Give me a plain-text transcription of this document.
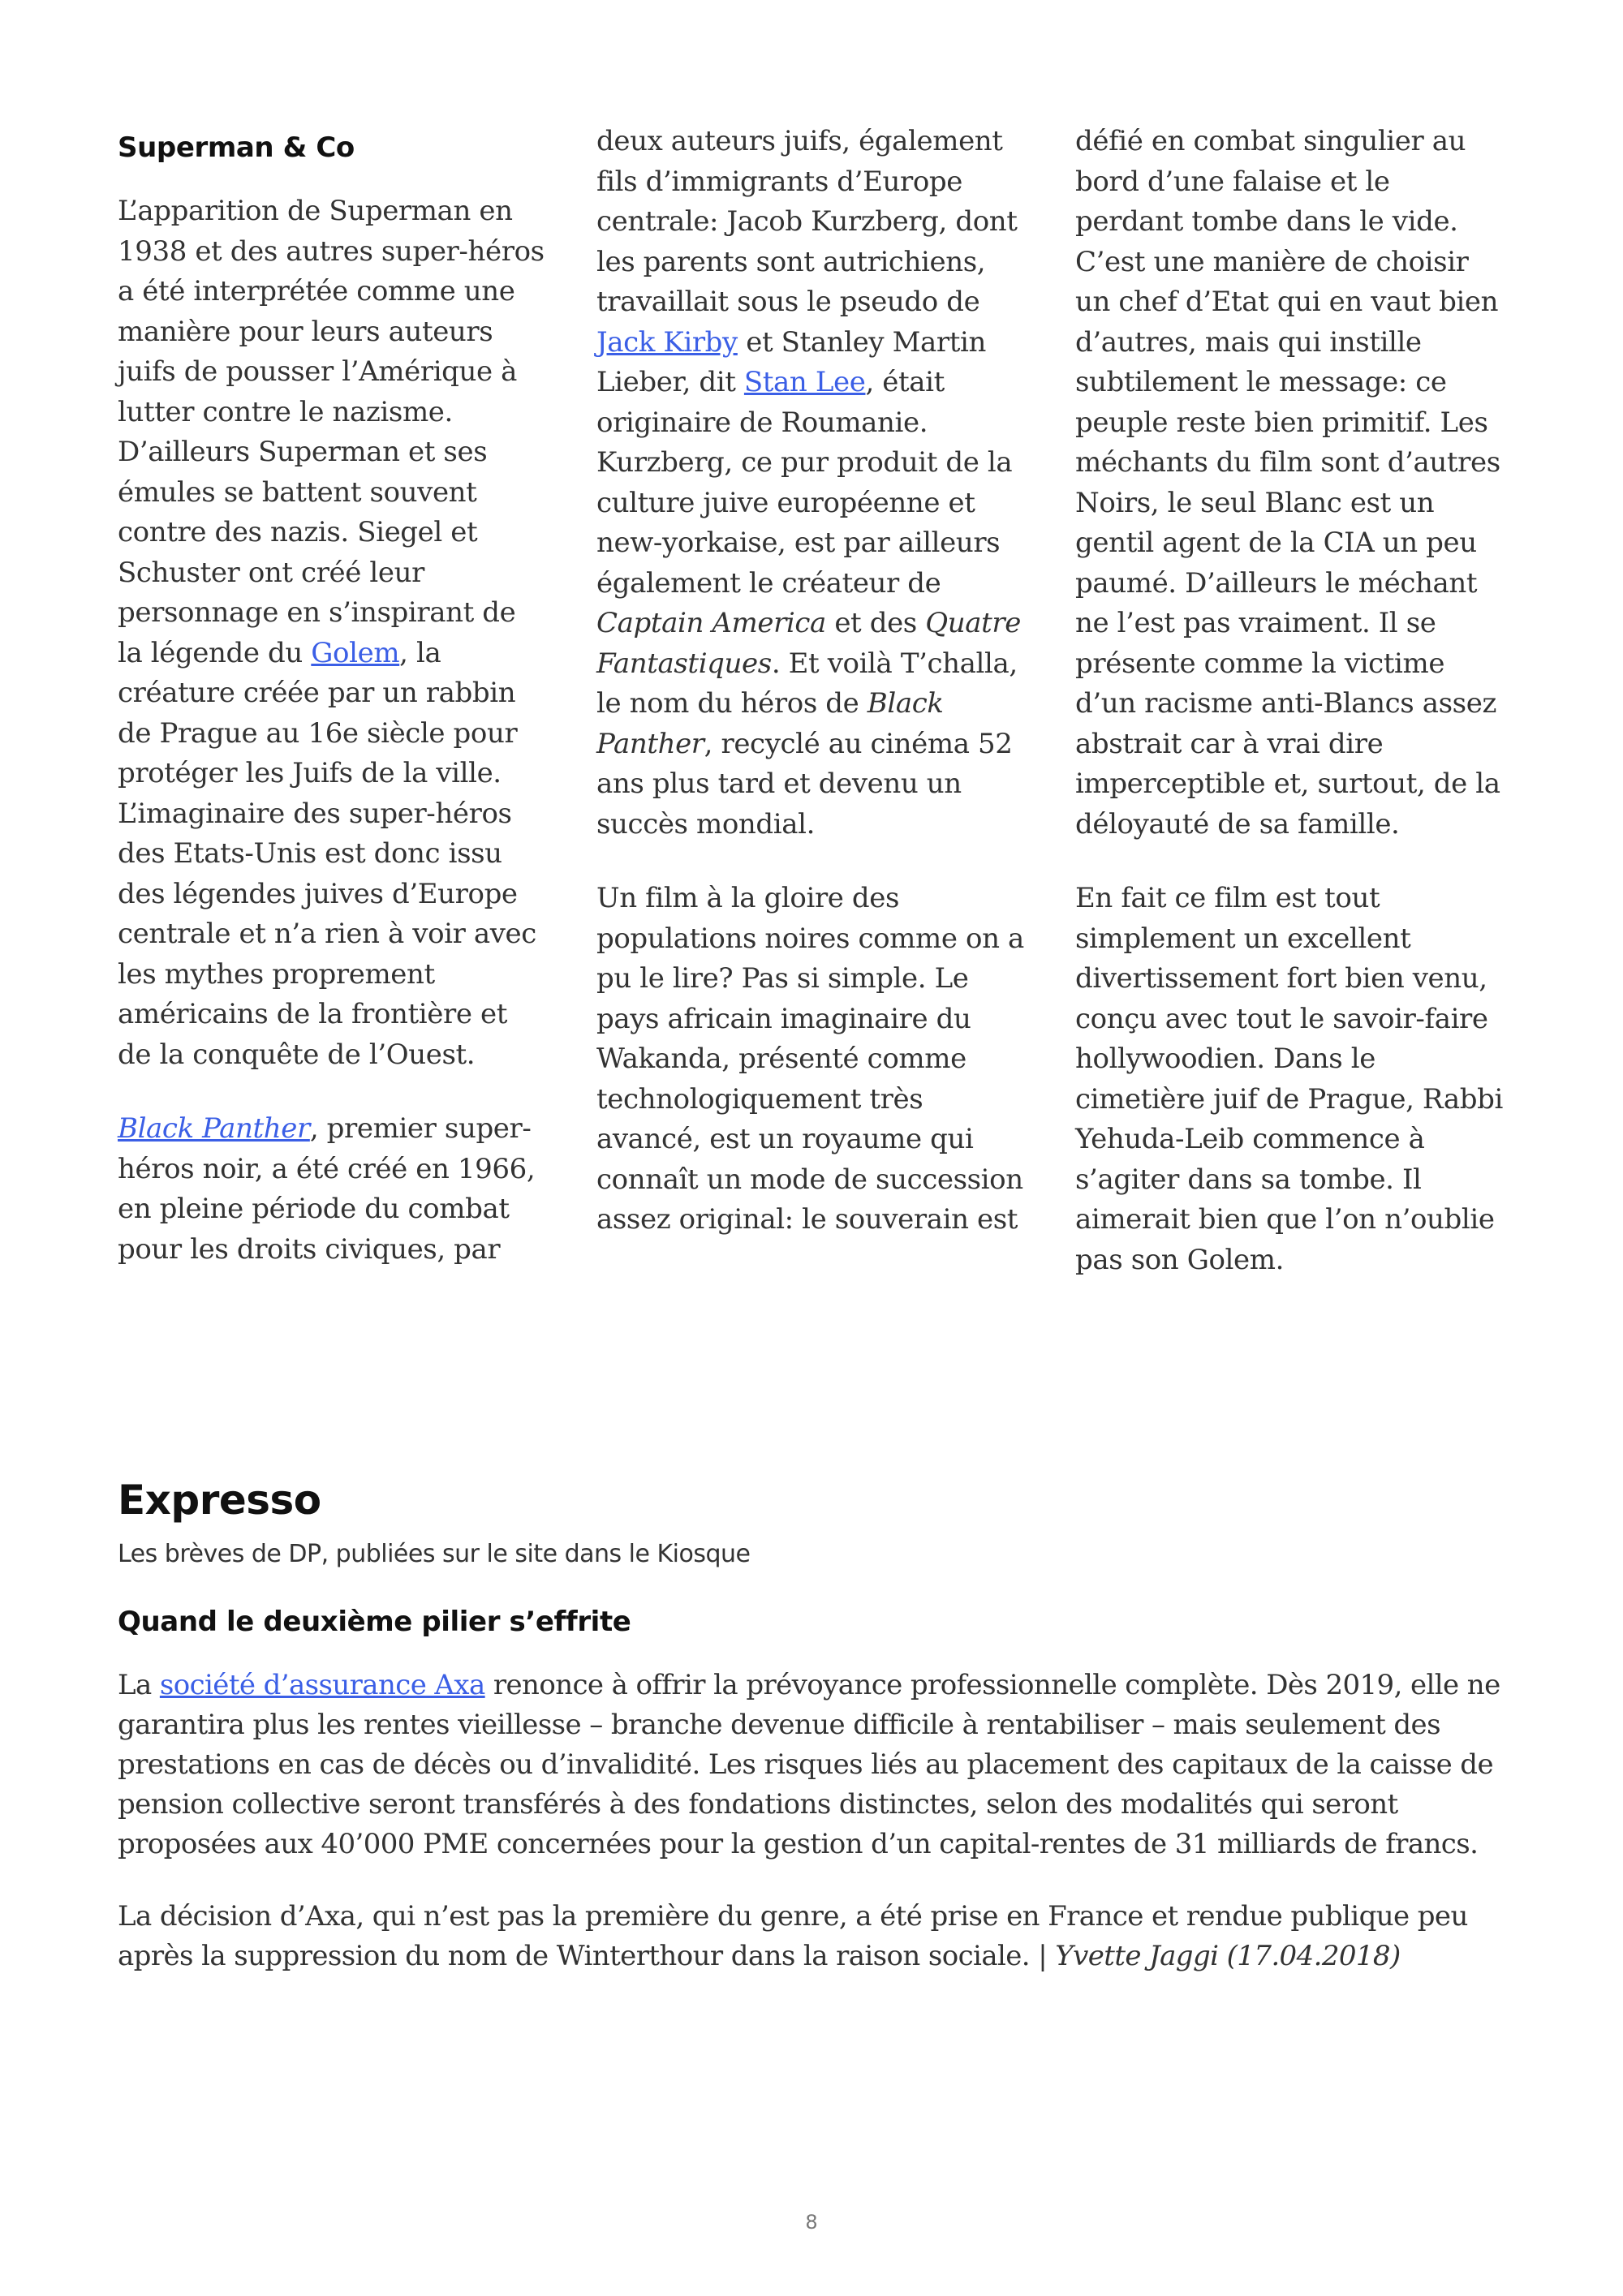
Superman & Co

L’apparition de Superman en 1938 et des autres super-héros a été interprétée comme une manière pour leurs auteurs juifs de pousser l’Amérique à lutter contre le nazisme. D’ailleurs Superman et ses émules se battent souvent contre des nazis. Siegel et Schuster ont créé leur personnage en s’inspirant de la légende du Golem, la créature créée par un rabbin de Prague au 16e siècle pour protéger les Juifs de la ville. L’imaginaire des super-héros des Etats-Unis est donc issu des légendes juives d’Europe centrale et n’a rien à voir avec les mythes proprement américains de la frontière et de la conquête de l’Ouest.

Black Panther, premier super-héros noir, a été créé en 1966, en pleine période du combat pour les droits civiques, par

deux auteurs juifs, également fils d’immigrants d’Europe centrale: Jacob Kurzberg, dont les parents sont autrichiens, travaillait sous le pseudo de Jack Kirby et Stanley Martin Lieber, dit Stan Lee, était originaire de Roumanie. Kurzberg, ce pur produit de la culture juive européenne et new-yorkaise, est par ailleurs également le créateur de Captain America et des Quatre Fantastiques. Et voilà T’challa, le nom du héros de Black Panther, recyclé au cinéma 52 ans plus tard et devenu un succès mondial.

Un film à la gloire des populations noires comme on a pu le lire? Pas si simple. Le pays africain imaginaire du Wakanda, présenté comme technologiquement très avancé, est un royaume qui connaît un mode de succession assez original: le souverain est

défié en combat singulier au bord d’une falaise et le perdant tombe dans le vide. C’est une manière de choisir un chef d’Etat qui en vaut bien d’autres, mais qui instille subtilement le message: ce peuple reste bien primitif. Les méchants du film sont d’autres Noirs, le seul Blanc est un gentil agent de la CIA un peu paumé. D’ailleurs le méchant ne l’est pas vraiment. Il se présente comme la victime d’un racisme anti-Blancs assez abstrait car à vrai dire imperceptible et, surtout, de la déloyauté de sa famille.

En fait ce film est tout simplement un excellent divertissement fort bien venu, conçu avec tout le savoir-faire hollywoodien. Dans le cimetière juif de Prague, Rabbi Yehuda-Leib commence à s’agiter dans sa tombe. Il aimerait bien que l’on n’oublie pas son Golem.

Expresso
Les brèves de DP, publiées sur le site dans le Kiosque
Quand le deuxième pilier s’effrite

La société d’assurance Axa renonce à offrir la prévoyance professionnelle complète. Dès 2019, elle ne garantira plus les rentes vieillesse – branche devenue difficile à rentabiliser – mais seulement des prestations en cas de décès ou d’invalidité. Les risques liés au placement des capitaux de la caisse de pension collective seront transférés à des fondations distinctes, selon des modalités qui seront proposées aux 40’000 PME concernées pour la gestion d’un capital-rentes de 31 milliards de francs.

La décision d’Axa, qui n’est pas la première du genre, a été prise en France et rendue publique peu après la suppression du nom de Winterthour dans la raison sociale. | Yvette Jaggi (17.04.2018)

8
